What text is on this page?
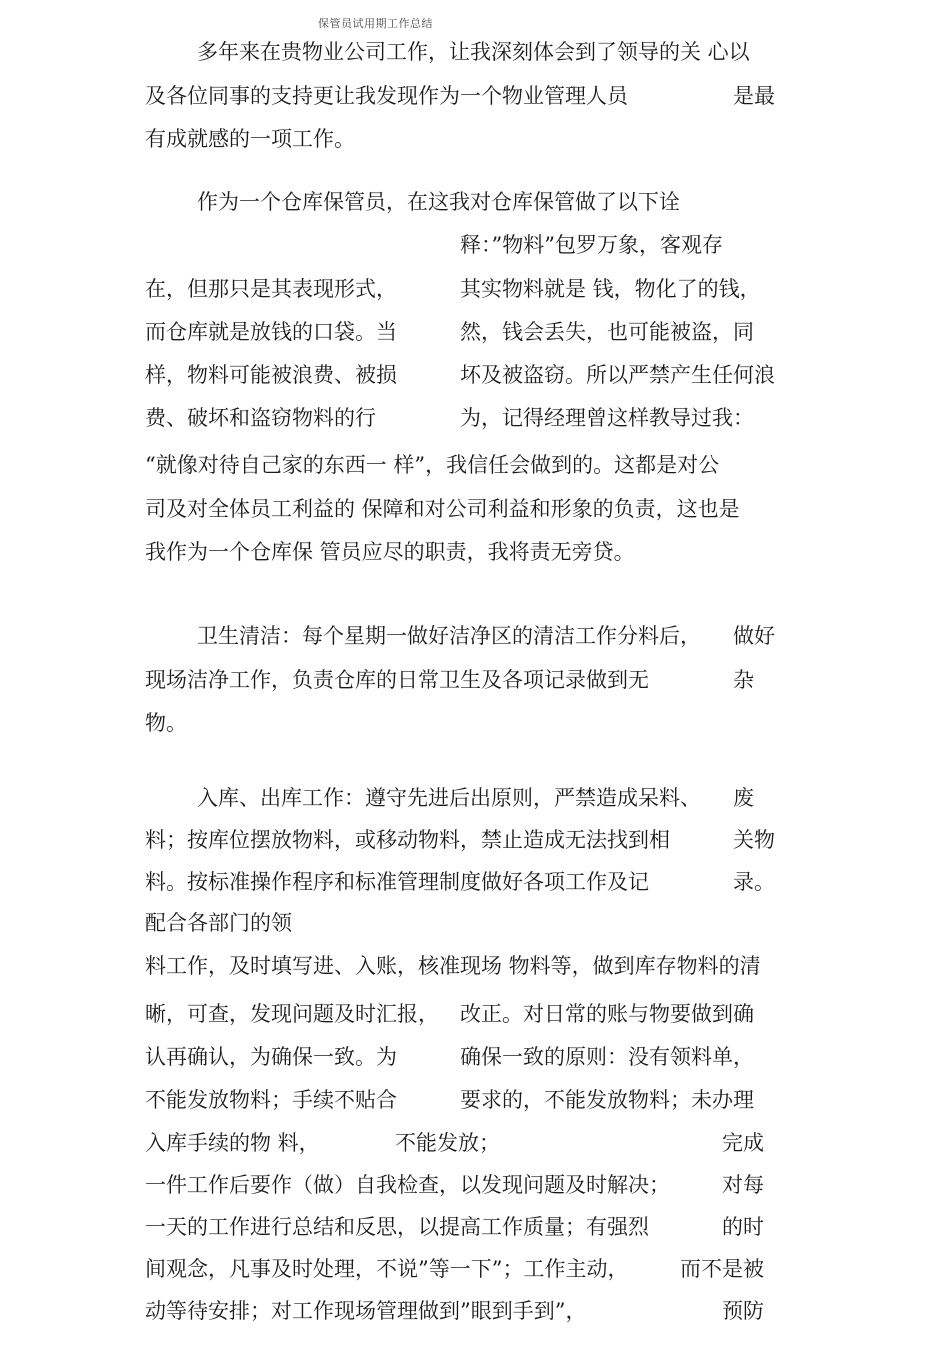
保管员试用期工作总结
多年来在贵物业公司工作，让我深刻体会到了领导的关 心以
及各位同事的支持更让我发现作为一个物业管理人员	是最
有成就感的一项工作。
作为一个仓库保管员，在这我对仓库保管做了以下诠
释：”物料”包罗万象，客观存
在，但那只是其表现形式，	其实物料就是 钱，物化了的钱，
而仓库就是放钱的口袋。当	然，钱会丢失，也可能被盗，同
样，物料可能被浪费、被损	坏及被盗窃。所以严禁产生任何浪
费、破坏和盗窃物料的行	为，记得经理曾这样教导过我：
“就像对待自己家的东西一 样”，我信任会做到的。这都是对公
司及对全体员工利益的 保障和对公司利益和形象的负责，这也是
我作为一个仓库保 管员应尽的职责，我将责无旁贷。
卫生清洁：每个星期一做好洁净区的清洁工作分料后， 做好
现场洁净工作，负责仓库的日常卫生及各项记录做到无	杂
物。
入库、出库工作：遵守先进后出原则，严禁造成呆料、 废
料；按库位摆放物料，或移动物料，禁止造成无法找到相	关物
料。按标准操作程序和标准管理制度做好各项工作及记	录。
配合各部门的领
料工作，及时填写进、入账，核准现场 物料等，做到库存物料的清
晰，可查，发现问题及时汇报， 改正。对日常的账与物要做到确
认再确认，为确保一致。为	确保一致的原则：没有领料单，
不能发放物料；手续不贴合	要求的，不能发放物料；未办理
入库手续的物 料，	不能发放；	完成
一件工作后要作（做）自我检查，以发现问题及时解决； 对每
一天的工作进行总结和反思，以提高工作质量；有强烈	的时
间观念，凡事及时处理，不说”等一下”；工作主动， 而不是被
动等待安排；对工作现场管理做到”眼到手到”，	预防
